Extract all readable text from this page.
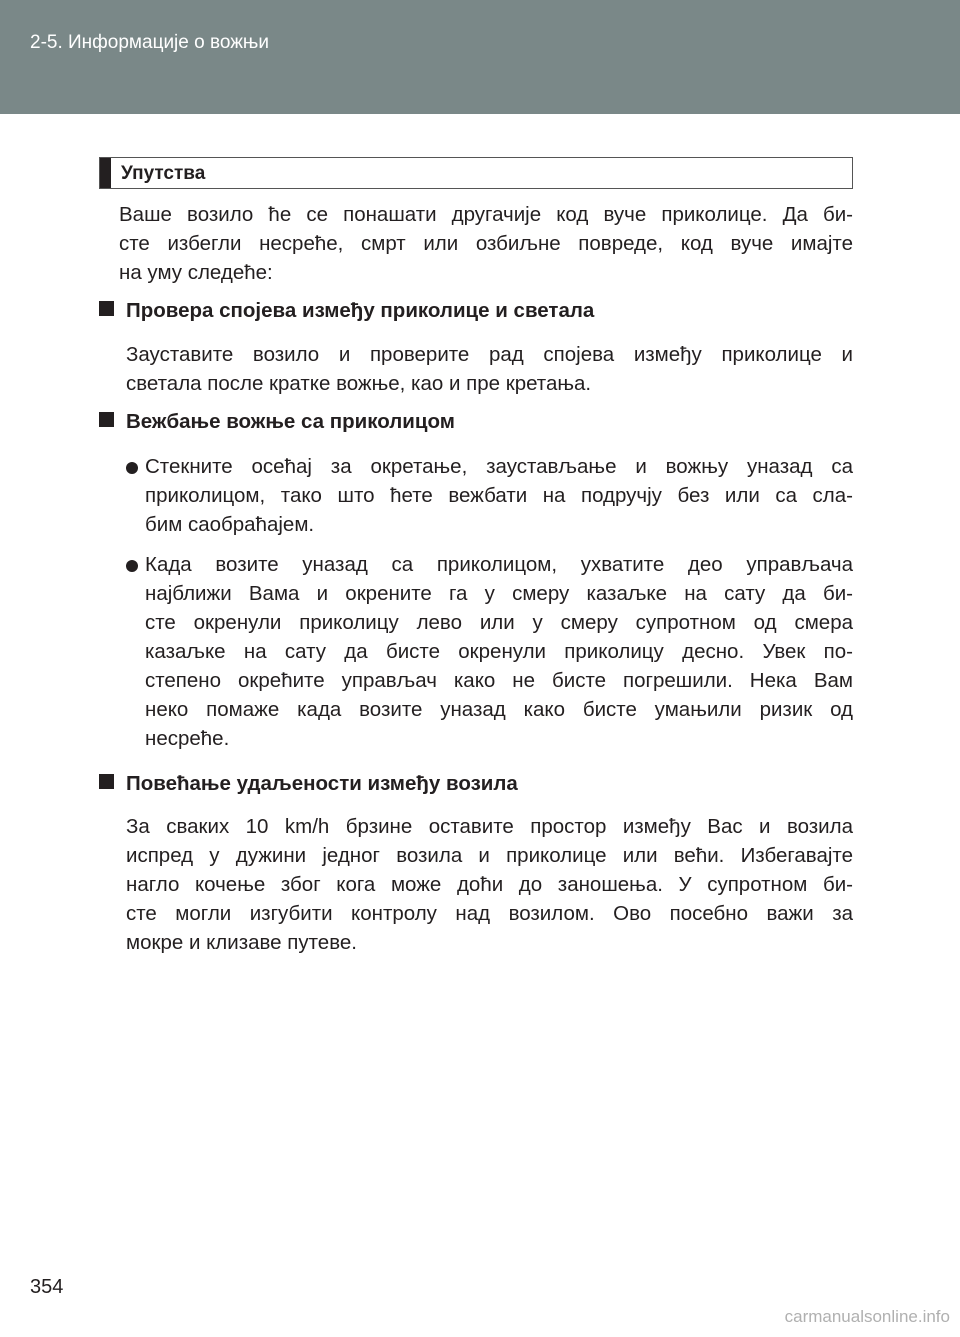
2-5. Информације о вожњи
Упутства
Ваше возило ће се понашати другачије код вуче приколице. Да би-
сте избегли несреће, смрт или озбиљне повреде, код вуче имајте
на уму следеће:
Провера спојева између приколице и светала
Зауставите возило и проверите рад спојева између приколице и
светала после кратке вожње, као и пре кретања.
Вежбање вожње са приколицом
Стекните осећај за окретање, заустављање и вожњу уназад са
приколицом, тако што ћете вежбати на подручју без или са сла-
бим саобраћајем.
Када возите уназад са приколицом, ухватите део управљача
најближи Вама и окрените га у смеру казаљке на сату да би-
сте окренули приколицу лево или у смеру супротном од смера
казаљке на сату да бисте окренули приколицу десно. Увек по-
степено окрећите управљач како не бисте погрешили. Нека Вам
неко помаже када возите уназад како бисте умањили ризик од
несреће.
Повећање удаљености између возила
За сваких 10 km/h брзине оставите простор између Вас и возила
испред у дужини једног возила и приколице или већи. Избегавајте
нагло кочење због кога може доћи до заношења. У супротном би-
сте могли изгубити контролу над возилом. Ово посебно важи за
мокре и клизаве путеве.
354
carmanualsonline.info
